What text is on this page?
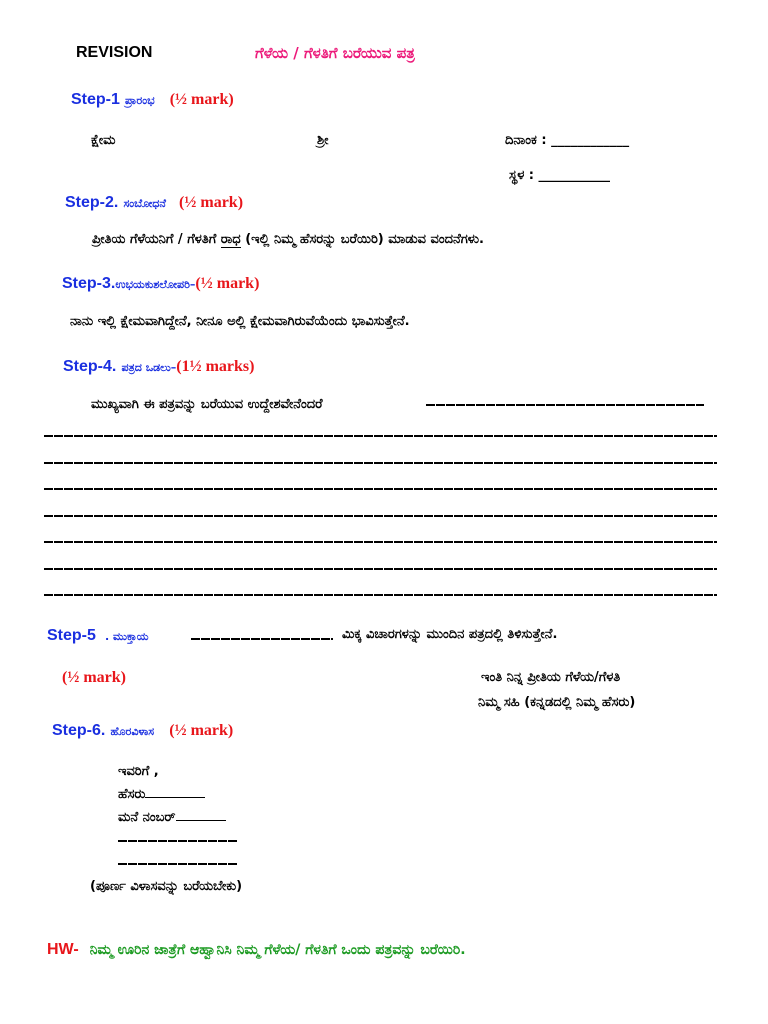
REVISION	ಗೆಳೆಯ / ಗೆಳತಿಗೆ ಬರೆಯುವ ಪತ್ರ
Step-1 ಪ್ರಾರಂಭ (½ mark)
ಕ್ಷೇಮ	ಶ್ರೀ	ದಿನಾಂಕ : ____________
ಸ್ಥಳ : ___________
Step-2. ಸಂಬೋಧನೆ (½ mark)
ಪ್ರೀತಿಯ ಗೆಳೆಯನಿಗೆ / ಗೆಳತಿಗೆ ರಾಧ (ಇಲ್ಲಿ ನಿಮ್ಮ ಹೆಸರನ್ನು ಬರೆಯಿರಿ) ಮಾಡುವ ವಂದನೆಗಳು.
Step-3.ಉಭಯಕುಶಲೋಪರಿ–(½ mark)
ನಾನು ಇಲ್ಲಿ ಕ್ಷೇಮವಾಗಿದ್ದೇನೆ, ನೀನೂ ಅಲ್ಲಿ ಕ್ಷೇಮವಾಗಿರುವೆಯೆಂದು ಭಾವಿಸುತ್ತೇನೆ.
Step-4. ಪತ್ರದ ಒಡಲು–(1½ marks)
ಮುಖ್ಯವಾಗಿ ಈ ಪತ್ರವನ್ನು ಬರೆಯುವ ಉದ್ದೇಶವೇನೆಂದರೆ
Step-5 . ಮುಕ್ತಾಯ	ಮಿಕ್ಕ ವಿಚಾರಗಳನ್ನು ಮುಂದಿನ ಪತ್ರದಲ್ಲಿ ತಿಳಿಸುತ್ತೇನೆ.
(½ mark)	ಇಂತಿ ನಿನ್ನ ಪ್ರೀತಿಯ ಗೆಳೆಯ/ಗೆಳತಿ
ನಿಮ್ಮ ಸಹಿ (ಕನ್ನಡದಲ್ಲಿ ನಿಮ್ಮ ಹೆಸರು)
Step-6. ಹೊರವಿಳಾಸ (½ mark)
ಇವರಿಗೆ ,
ಹೆಸರು
ಮನೆ ನಂಬರ್
(ಪೂರ್ಣ ವಿಳಾಸವನ್ನು ಬರೆಯಬೇಕು)
HW- ನಿಮ್ಮ ಊರಿನ ಜಾತ್ರೆಗೆ ಆಹ್ವಾನಿಸಿ ನಿಮ್ಮ ಗೆಳೆಯ/ ಗೆಳತಿಗೆ ಒಂದು ಪತ್ರವನ್ನು ಬರೆಯಿರಿ.
